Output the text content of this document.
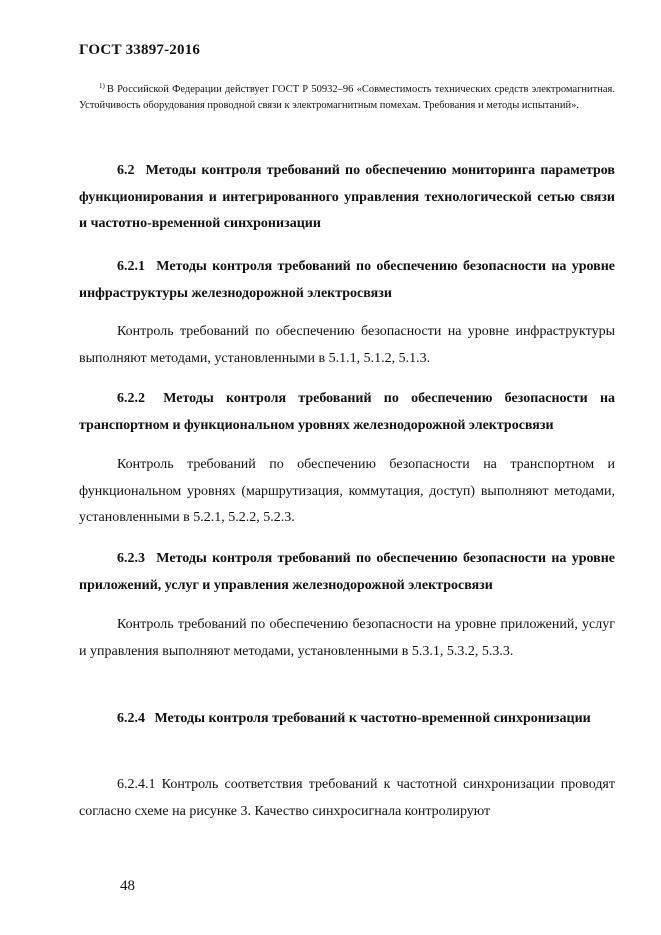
ГОСТ 33897-2016
$^{1)}$ В Российской Федерации действует ГОСТ Р 50932–96 «Совместимость технических средств электромагнитная. Устойчивость оборудования проводной связи к электромагнитным помехам. Требования и методы испытаний».
6.2 Методы контроля требований по обеспечению мониторинга параметров функционирования и интегрированного управления технологической сетью связи и частотно-временной синхронизации
6.2.1 Методы контроля требований по обеспечению безопасности на уровне инфраструктуры железнодорожной электросвязи
Контроль требований по обеспечению безопасности на уровне инфраструктуры выполняют методами, установленными в 5.1.1, 5.1.2, 5.1.3.
6.2.2 Методы контроля требований по обеспечению безопасности на транспортном и функциональном уровнях железнодорожной электросвязи
Контроль требований по обеспечению безопасности на транспортном и функциональном уровнях (маршрутизация, коммутация, доступ) выполняют методами, установленными в 5.2.1, 5.2.2, 5.2.3.
6.2.3 Методы контроля требований по обеспечению безопасности на уровне приложений, услуг и управления железнодорожной электросвязи
Контроль требований по обеспечению безопасности на уровне приложений, услуг и управления выполняют методами, установленными в 5.3.1, 5.3.2, 5.3.3.
6.2.4 Методы контроля требований к частотно-временной синхронизации
6.2.4.1 Контроль соответствия требований к частотной синхронизации проводят согласно схеме на рисунке 3. Качество синхросигнала контролируют
48
